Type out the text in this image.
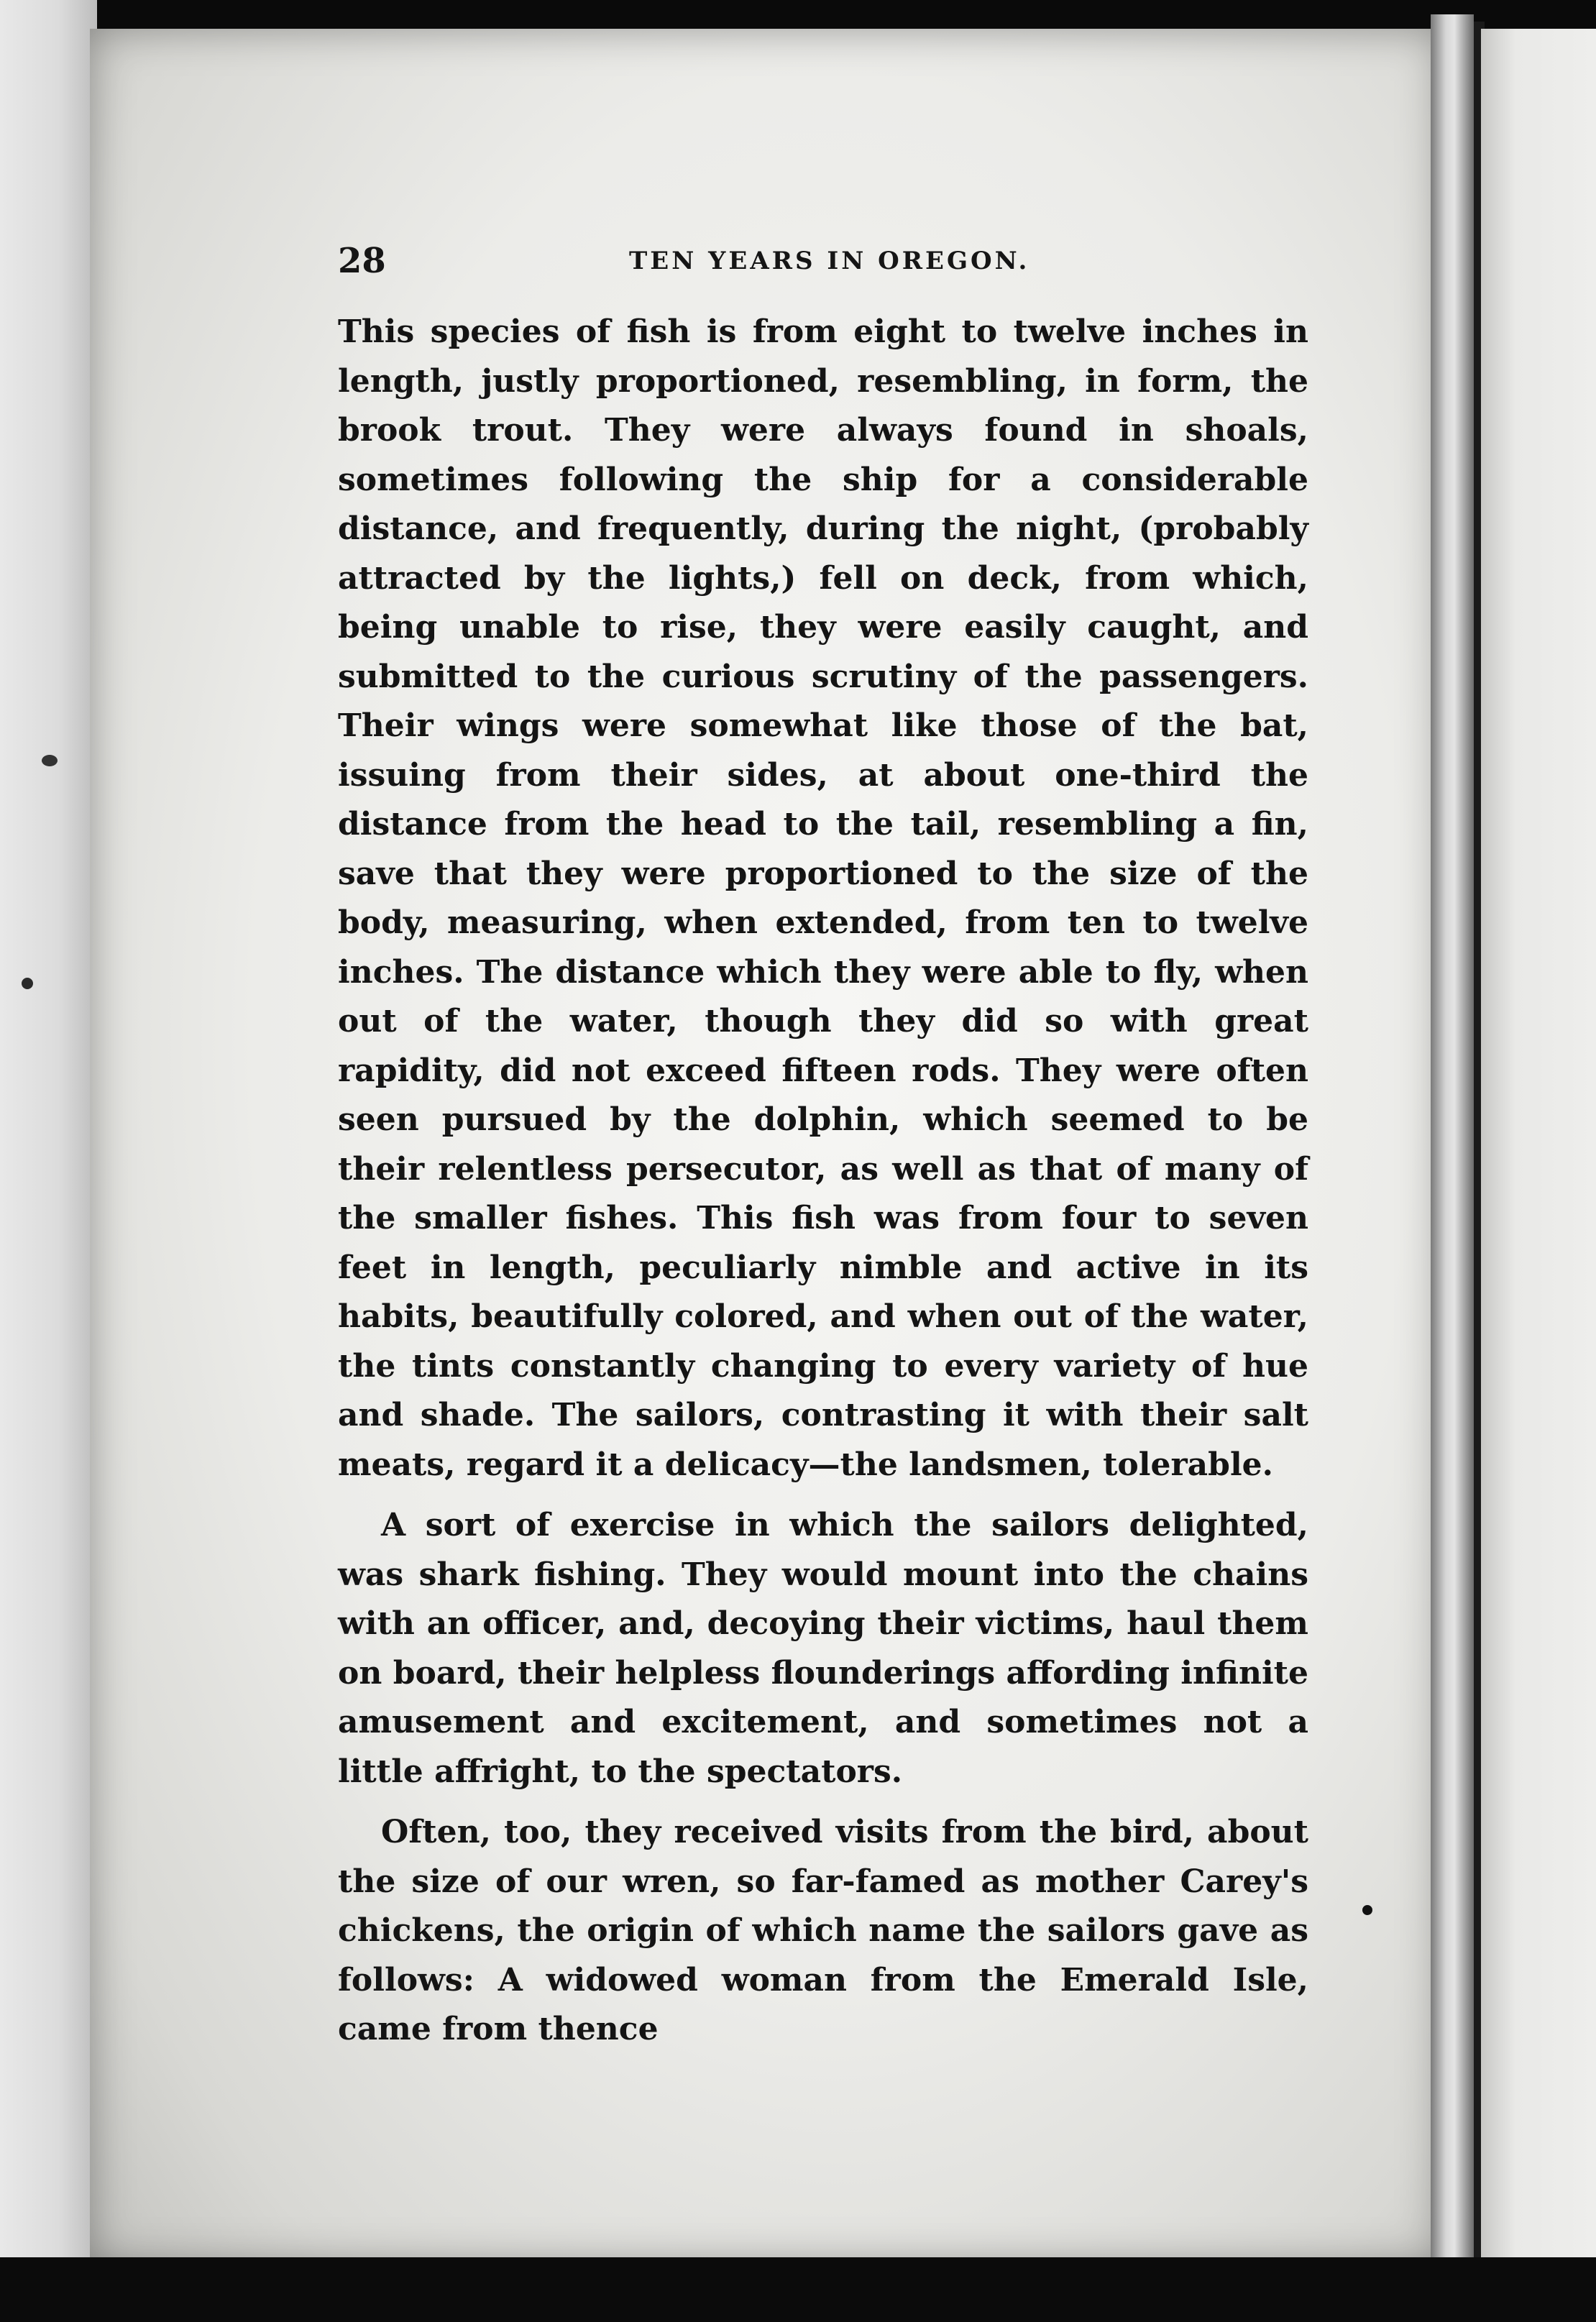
28	TEN YEARS IN OREGON.

This species of fish is from eight to twelve inches in length, justly proportioned, resembling, in form, the brook trout. They were always found in shoals, sometimes following the ship for a considerable distance, and frequently, during the night, (probably attracted by the lights,) fell on deck, from which, being unable to rise, they were easily caught, and submitted to the curious scrutiny of the passengers. Their wings were somewhat like those of the bat, issuing from their sides, at about one-third the distance from the head to the tail, resembling a fin, save that they were proportioned to the size of the body, measuring, when extended, from ten to twelve inches. The distance which they were able to fly, when out of the water, though they did so with great rapidity, did not exceed fifteen rods. They were often seen pursued by the dolphin, which seemed to be their relentless persecutor, as well as that of many of the smaller fishes. This fish was from four to seven feet in length, peculiarly nimble and active in its habits, beautifully colored, and when out of the water, the tints constantly changing to every variety of hue and shade. The sailors, contrasting it with their salt meats, regard it a delicacy—the landsmen, tolerable.

A sort of exercise in which the sailors delighted, was shark fishing. They would mount into the chains with an officer, and, decoying their victims, haul them on board, their helpless flounderings affording infinite amusement and excitement, and sometimes not a little affright, to the spectators.

Often, too, they received visits from the bird, about the size of our wren, so far-famed as mother Carey's chickens, the origin of which name the sailors gave as follows: A widowed woman from the Emerald Isle, came from thence
